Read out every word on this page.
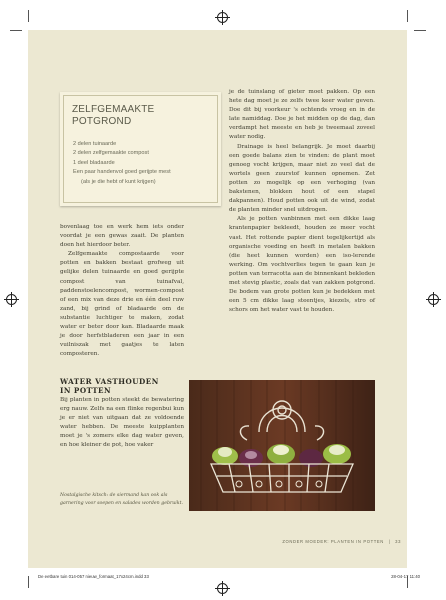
ZELFGEMAAKTE
POTGROND
2 delen tuinaarde
2 delen zelfgemaakte compost
1 deel bladaarde
Een paar handenvol goed gerijpte mest
(als je die hebt of kunt krijgen)

bovenlaag toe en werk hem iets onder voordat je een gewas zaait. De planten doen het hierdoor beter.

Zelfgemaakte compostaarde voor potten en bakken bestaat grofweg uit gelijke delen tuinaarde en goed gerijpte compost van tuinafval, paddenstoelencompost, wormen-compost of een mix van deze drie en één deel ruw zand, bij grind of bladaarde om de substantie luchtiger te maken, zodat water er beter door kan. Bladaarde maak je door herfstbladeren een jaar in een vuilniszak met gaatjes te laten composteren.

WATER VASTHOUDEN
IN POTTEN

Bij planten in potten steekt de bewatering erg nauw. Zelfs na een flinke regenbui kun je er niet van uitgaan dat ze voldoende water hebben. De meeste kuipplanten moet je 's zomers elke dag water geven, en hoe kleiner de pot, hoe vaker

Nostalgische kitsch: de siermand kan ook als garnering voor soepen en salades worden gebruikt.

je de tuinslang of gieter moet pakken. Op een hete dag moet je ze zelfs twee keer water geven. Doe dit bij voorkeur 's ochtends vroeg en in de late namiddag. Doe je het midden op de dag, dan verdampt het meeste en heb je tweemaal zoveel water nodig.

Drainage is heel belangrijk. Je moet daarbij een goede balans zien te vinden: de plant moet genoeg vocht krijgen, maar niet zo veel dat de wortels geen zuurstof kunnen opnemen. Zet potten zo mogelijk op een verhoging (van bakstenen, blokken hout of een stapel dakpannen). Houd potten ook uit de wind, zodat de planten minder snel uitdrogen.

Als je potten vanbinnen met een dikke laag krantenpapier bekleedt, houden ze meer vocht vast. Het rottende papier dient tegelijkertijd als organische voeding en heeft in metalen bakken (die heet kunnen worden) een iso-lerende werking. Om vochtverlies tegen te gaan kun je potten van terracotta aan de binnenkant bekleden met stevig plastic, zoals dat van zakken potgrond. De bodem van grote potten kun je bedekken met een 5 cm dikke laag steentjes, kiezels, stro of schors om het water vast te houden.

ZONDER MOEDER: PLANTEN IN POTTEN | 33
De eetbare tuin 014-057 nieuw_formaat_17x24cm.indd 33	28-04-17 11:40
